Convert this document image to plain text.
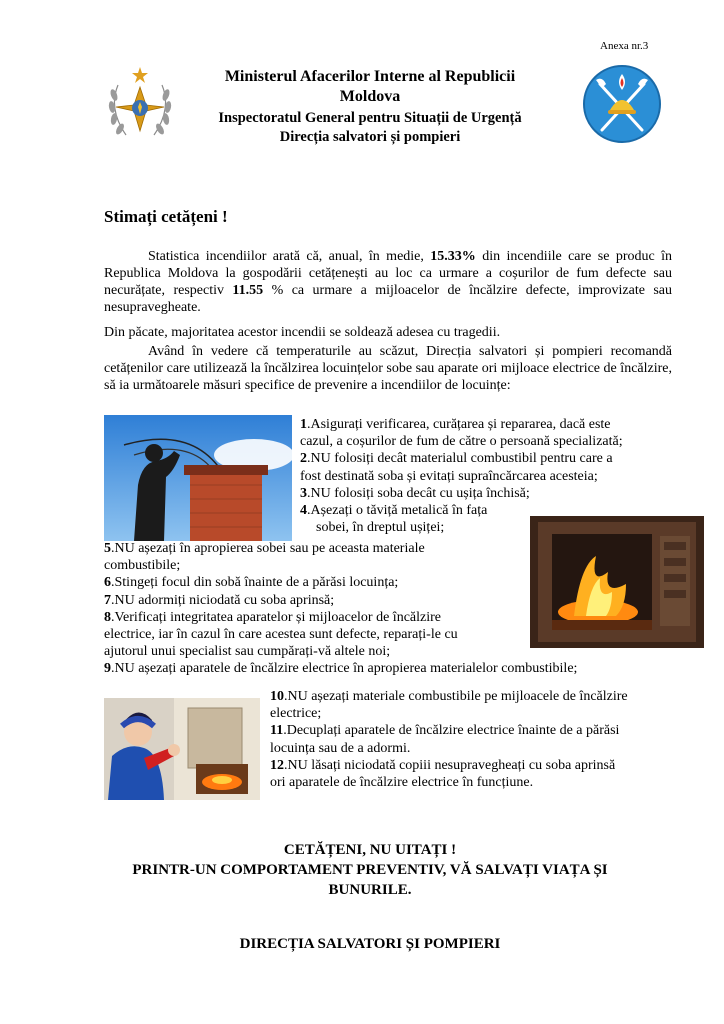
Anexa nr.3
Ministerul Afacerilor Interne al Republicii
Moldova
Inspectoratul General pentru Situații de Urgență
Direcția salvatori și pompieri
Stimați cetățeni !
Statistica incendiilor arată că, anual, în medie, 15.33% din incendiile care se produc în Republica Moldova la gospodării cetățenești au loc ca urmare a coșurilor de fum defecte sau necurățate, respectiv 11.55 % ca urmare a mijloacelor de încălzire defecte, improvizate sau nesupravegheate.
Din păcate, majoritatea acestor incendii se soldează adesea cu tragedii.
Având în vedere că temperaturile au scăzut, Direcția salvatori și pompieri recomandă cetățenilor care utilizează la încălzirea locuințelor sobe sau aparate ori mijloace electrice de încălzire, să ia următoarele măsuri specifice de prevenire a incendiilor de locuințe:
1.Asigurați verificarea, curățarea și repararea, dacă este
cazul, a coșurilor de fum de către o persoană specializată;
2.NU folosiți decât materialul combustibil pentru care a
fost destinată soba și evitați supraîncărcarea acesteia;
3.NU folosiți soba decât cu ușița închisă;
4.Așezați o tăviță metalică în fața
sobei, în dreptul ușiței;
5.NU așezați în apropierea sobei sau pe aceasta materiale
combustibile;
6.Stingeți focul din sobă înainte de a părăsi locuința;
7.NU adormiți niciodată cu soba aprinsă;
8.Verificați integritatea aparatelor și mijloacelor de încălzire
electrice, iar în cazul în care acestea sunt defecte, reparați-le cu
ajutorul unui specialist sau cumpărați-vă altele noi;
9.NU așezați aparatele de încălzire electrice în apropierea materialelor combustibile;
10.NU așezați materiale combustibile pe mijloacele de încălzire
electrice;
11.Decuplați aparatele de încălzire electrice înainte de a părăsi
locuința sau de a adormi.
12.NU lăsați niciodată copiii nesupravegheați cu soba aprinsă
ori aparatele de încălzire electrice în funcțiune.
CETĂȚENI, NU UITAȚI !
PRINTR-UN COMPORTAMENT PREVENTIV, VĂ SALVAȚI VIAȚA ȘI
BUNURILE.
DIRECȚIA SALVATORI ȘI POMPIERI
